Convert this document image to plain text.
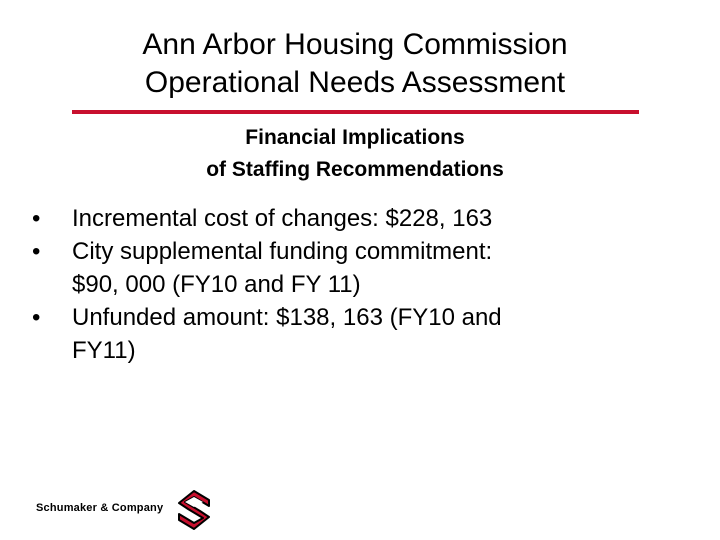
Ann Arbor Housing Commission
Operational Needs Assessment
Financial Implications
of Staffing Recommendations
•	Incremental cost of changes: $228, 163
•	City supplemental funding commitment:
$90, 000 (FY10 and FY 11)
•	Unfunded amount: $138, 163 (FY10 and
FY11)
Schumaker & Company
